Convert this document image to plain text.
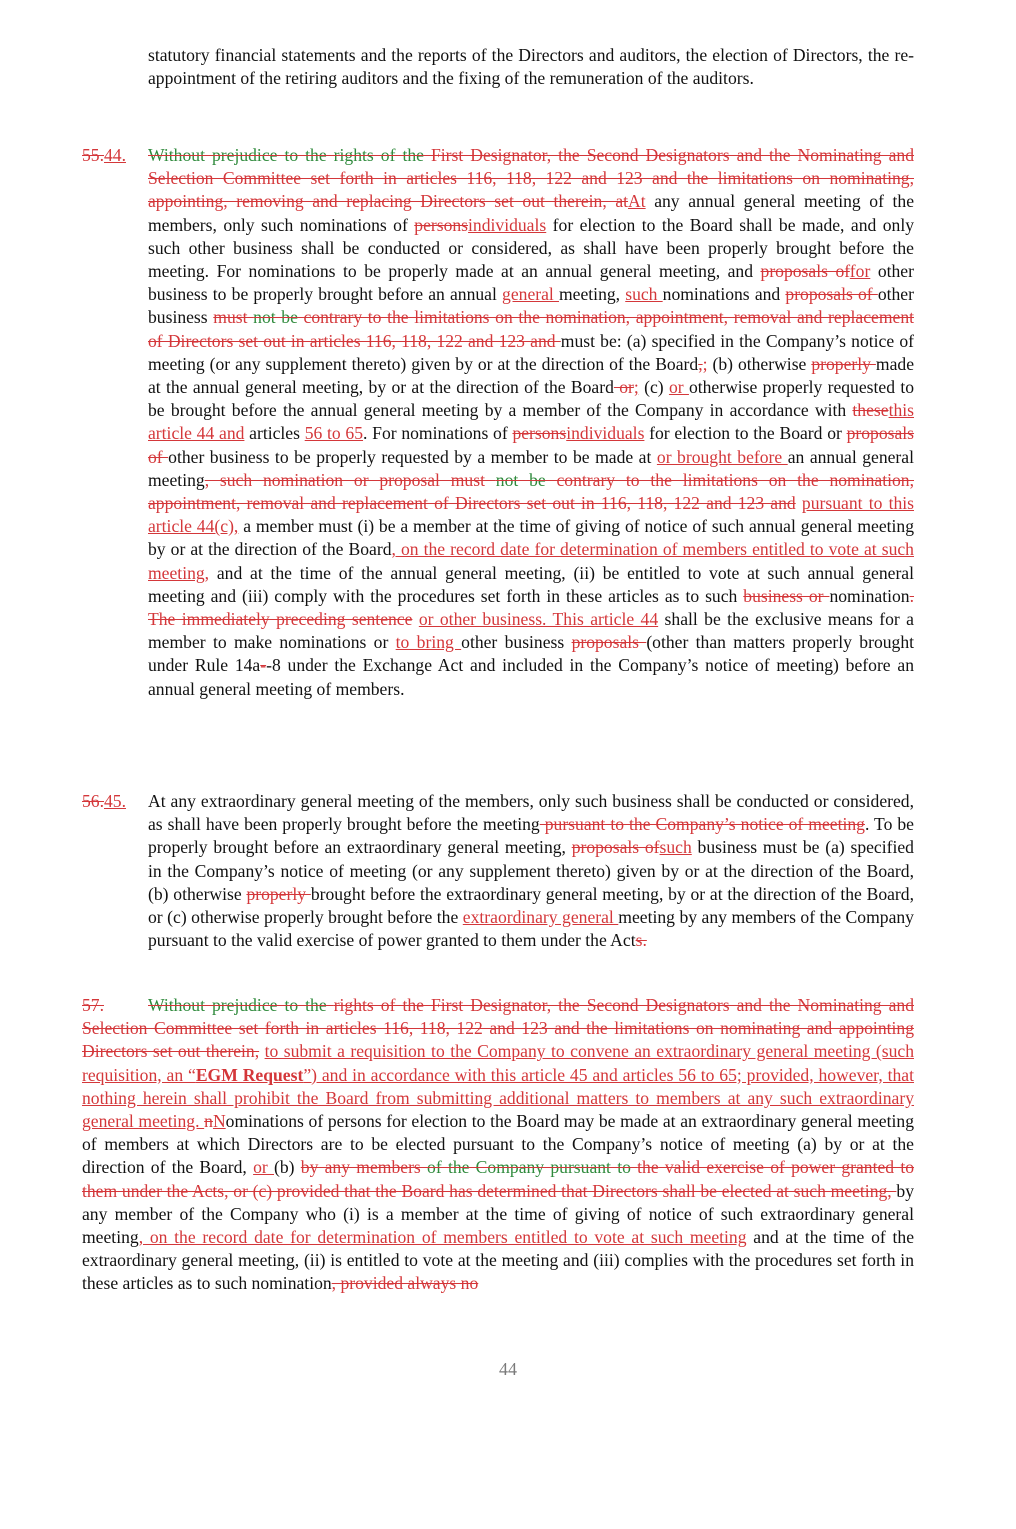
statutory financial statements and the reports of the Directors and auditors, the election of Directors, the re-appointment of the retiring auditors and the fixing of the remuneration of the auditors.

55.44. Without prejudice to the rights of the First Designator, the Second Designators and the Nominating and Selection Committee set forth in articles 116, 118, 122 and 123 and the limitations on nominating, appointing, removing and replacing Directors set out therein, atAt any annual general meeting of the members, only such nominations of personsindividuals for election to the Board shall be made, and only such other business shall be conducted or considered, as shall have been properly brought before the meeting. For nominations to be properly made at an annual general meeting, and proposals offor other business to be properly brought before an annual general meeting, such nominations and proposals of other business must not be contrary to the limitations on the nomination, appointment, removal and replacement of Directors set out in articles 116, 118, 122 and 123 and must be: (a) specified in the Company’s notice of meeting (or any supplement thereto) given by or at the direction of the Board,; (b) otherwise properly made at the annual general meeting, by or at the direction of the Board or; (c) or otherwise properly requested to be brought before the annual general meeting by a member of the Company in accordance with thesethis article 44 and articles 56 to 65. For nominations of personsindividuals for election to the Board or proposals of other business to be properly requested by a member to be made at or brought before an annual general meeting, such nomination or proposal must not be contrary to the limitations on the nomination, appointment, removal and replacement of Directors set out in 116, 118, 122 and 123 and pursuant to this article 44(c), a member must (i) be a member at the time of giving of notice of such annual general meeting by or at the direction of the Board, on the record date for determination of members entitled to vote at such meeting, and at the time of the annual general meeting, (ii) be entitled to vote at such annual general meeting and (iii) comply with the procedures set forth in these articles as to such business or nomination. The immediately preceding sentence or other business. This article 44 shall be the exclusive means for a member to make nominations or to bring other business proposals (other than matters properly brought under Rule 14a--8 under the Exchange Act and included in the Company’s notice of meeting) before an annual general meeting of members.

56.45. At any extraordinary general meeting of the members, only such business shall be conducted or considered, as shall have been properly brought before the meeting pursuant to the Company’s notice of meeting. To be properly brought before an extraordinary general meeting, proposals ofsuch business must be (a) specified in the Company’s notice of meeting (or any supplement thereto) given by or at the direction of the Board, (b) otherwise properly brought before the extraordinary general meeting, by or at the direction of the Board, or (c) otherwise properly brought before the extraordinary general meeting by any members of the Company pursuant to the valid exercise of power granted to them under the Acts.

57.	Without prejudice to the rights of the First Designator, the Second Designators and the Nominating and Selection Committee set forth in articles 116, 118, 122 and 123 and the limitations on nominating and appointing Directors set out therein, to submit a requisition to the Company to convene an extraordinary general meeting (such requisition, an “EGM Request”) and in accordance with this article 45 and articles 56 to 65; provided, however, that nothing herein shall prohibit the Board from submitting additional matters to members at any such extraordinary general meeting. nNominations of persons for election to the Board may be made at an extraordinary general meeting of members at which Directors are to be elected pursuant to the Company’s notice of meeting (a) by or at the direction of the Board, or (b) by any members of the Company pursuant to the valid exercise of power granted to them under the Acts, or (c) provided that the Board has determined that Directors shall be elected at such meeting, by any member of the Company who (i) is a member at the time of giving of notice of such extraordinary general meeting, on the record date for determination of members entitled to vote at such meeting and at the time of the extraordinary general meeting, (ii) is entitled to vote at the meeting and (iii) complies with the procedures set forth in these articles as to such nomination, provided always no

44
